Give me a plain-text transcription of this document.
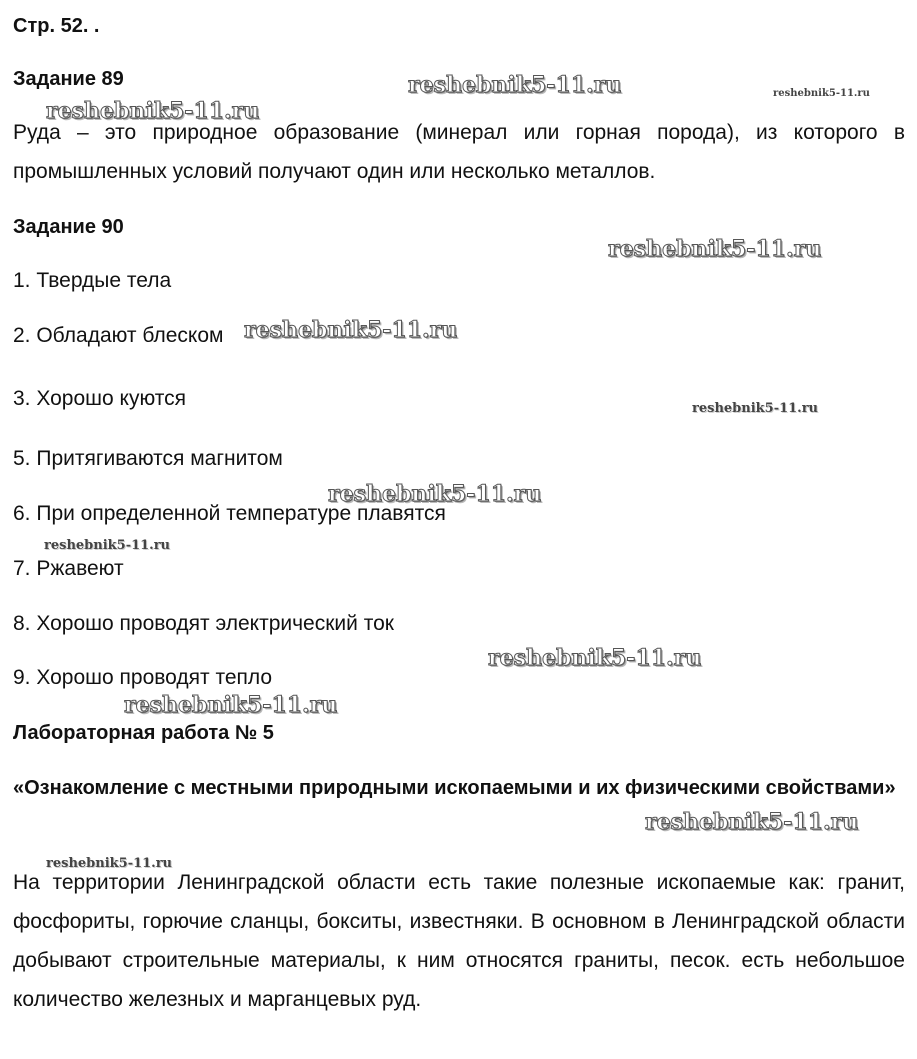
Стр. 52. .
Задание 89
Руда – это природное образование (минерал или горная порода), из которого в промышленных условий получают один или несколько металлов.
Задание 90
1. Твердые тела
2. Обладают блеском
3. Хорошо куются
5. Притягиваются магнитом
6. При определенной температуре плавятся
7. Ржавеют
8. Хорошо проводят электрический ток
9. Хорошо проводят тепло
Лабораторная работа № 5
«Ознакомление с местными природными ископаемыми и их физическими свойствами»
На территории Ленинградской области есть такие полезные ископаемые как: гранит, фосфориты, горючие сланцы, бокситы, известняки. В основном в Ленинградской области добывают строительные материалы, к ним относятся граниты, песок. есть небольшое количество железных и марганцевых руд.
reshebnik5-11.ru	reshebnik5-11.ru
reshebnik5-11.ru
reshebnik5-11.ru
reshebnik5-11.ru
reshebnik5-11.ru
reshebnik5-11.ru
reshebnik5-11.ru
reshebnik5-11.ru
reshebnik5-11.ru
reshebnik5-11.ru
reshebnik5-11.ru
